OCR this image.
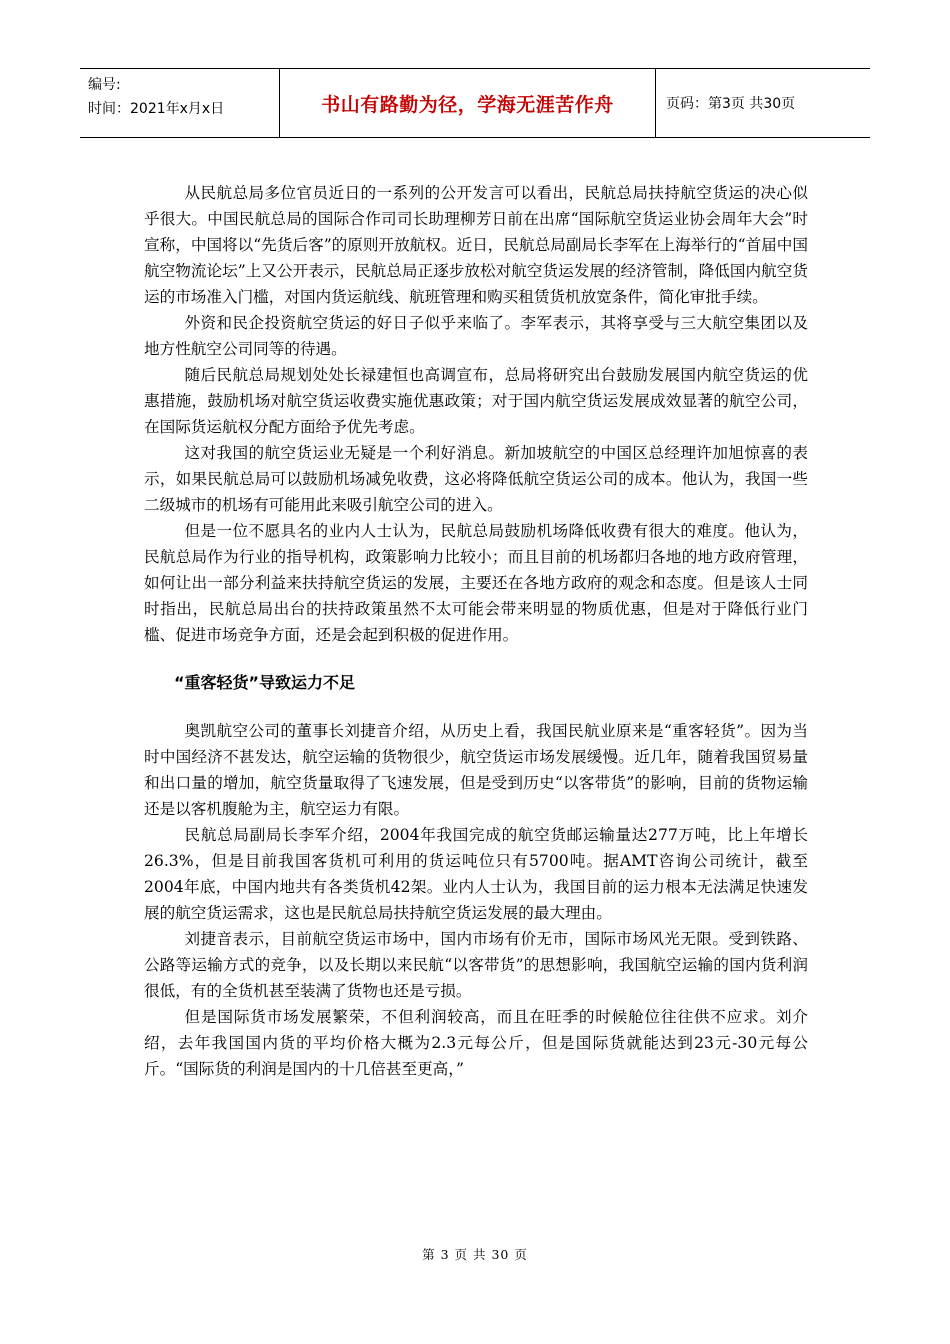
编号:
时间：2021年x月x日	书山有路勤为径，学海无涯苦作舟	页码：第3页 共30页

从民航总局多位官员近日的一系列的公开发言可以看出，民航总局扶持航空货运的决心似乎很大。中国民航总局的国际合作司司长助理柳芳日前在出席“国际航空货运业协会周年大会”时宣称，中国将以“先货后客”的原则开放航权。近日，民航总局副局长李军在上海举行的“首届中国航空物流论坛”上又公开表示，民航总局正逐步放松对航空货运发展的经济管制，降低国内航空货运的市场准入门槛，对国内货运航线、航班管理和购买租赁货机放宽条件，简化审批手续。

外资和民企投资航空货运的好日子似乎来临了。李军表示，其将享受与三大航空集团以及地方性航空公司同等的待遇。

随后民航总局规划处处长禄建恒也高调宣布，总局将研究出台鼓励发展国内航空货运的优惠措施，鼓励机场对航空货运收费实施优惠政策；对于国内航空货运发展成效显著的航空公司，在国际货运航权分配方面给予优先考虑。

这对我国的航空货运业无疑是一个利好消息。新加坡航空的中国区总经理许加旭惊喜的表示，如果民航总局可以鼓励机场减免收费，这必将降低航空货运公司的成本。他认为，我国一些二级城市的机场有可能用此来吸引航空公司的进入。

但是一位不愿具名的业内人士认为，民航总局鼓励机场降低收费有很大的难度。他认为，民航总局作为行业的指导机构，政策影响力比较小；而且目前的机场都归各地的地方政府管理，如何让出一部分利益来扶持航空货运的发展，主要还在各地方政府的观念和态度。但是该人士同时指出，民航总局出台的扶持政策虽然不太可能会带来明显的物质优惠，但是对于降低行业门槛、促进市场竞争方面，还是会起到积极的促进作用。

“重客轻货”导致运力不足

奥凯航空公司的董事长刘捷音介绍，从历史上看，我国民航业原来是“重客轻货”。因为当时中国经济不甚发达，航空运输的货物很少，航空货运市场发展缓慢。近几年，随着我国贸易量和出口量的增加，航空货量取得了飞速发展，但是受到历史“以客带货”的影响，目前的货物运输还是以客机腹舱为主，航空运力有限。

民航总局副局长李军介绍，2004年我国完成的航空货邮运输量达277万吨，比上年增长26.3%，但是目前我国客货机可利用的货运吨位只有5700吨。据AMT咨询公司统计，截至2004年底，中国内地共有各类货机42架。业内人士认为，我国目前的运力根本无法满足快速发展的航空货运需求，这也是民航总局扶持航空货运发展的最大理由。

刘捷音表示，目前航空货运市场中，国内市场有价无市，国际市场风光无限。受到铁路、公路等运输方式的竞争，以及长期以来民航“以客带货”的思想影响，我国航空运输的国内货利润很低，有的全货机甚至装满了货物也还是亏损。

但是国际货市场发展繁荣，不但利润较高，而且在旺季的时候舱位往往供不应求。刘介绍，去年我国国内货的平均价格大概为2.3元每公斤，但是国际货就能达到23元-30元每公斤。“国际货的利润是国内的十几倍甚至更高，”

第 3 页 共 30 页
